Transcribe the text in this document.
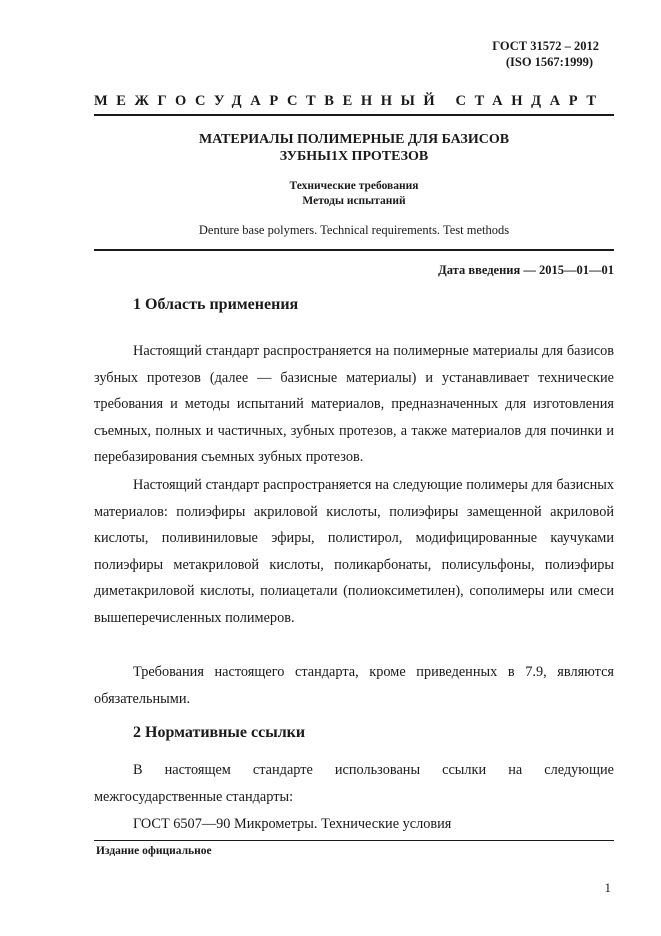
ГОСТ 31572 – 2012
(ISO 1567:1999)
МЕЖГОСУДАРСТВЕННЫЙ СТАНДАРТ
МАТЕРИАЛЫ ПОЛИМЕРНЫЕ ДЛЯ БАЗИСОВ
ЗУБНЫ1Х ПРОТЕЗОВ
Технические требования
Методы испытаний
Denture base polymers. Technical requirements. Test methods
Дата введения — 2015—01—01
1 Область применения

Настоящий стандарт распространяется на полимерные материалы для базисов зубных протезов (далее — базисные материалы) и устанавливает технические требования и методы испытаний материалов, предназначенных для изготовления съемных, полных и частичных, зубных протезов, а также материалов для починки и перебазирования съемных зубных протезов.

Настоящий стандарт распространяется на следующие полимеры для базисных материалов: полиэфиры акриловой кислоты, полиэфиры замещенной акриловой кислоты, поливиниловые эфиры, полистирол, модифицированные каучуками полиэфиры метакриловой кислоты, поликарбонаты, полисульфоны, полиэфиры диметакриловой кислоты, полиацетали (полиоксиметилен), сополимеры или смеси вышеперечисленных полимеров.

Требования настоящего стандарта, кроме приведенных в 7.9, являются обязательными.

2 Нормативные ссылки

В настоящем стандарте использованы ссылки на следующие межгосударственные стандарты:

ГОСТ 6507—90 Микрометры. Технические условия
Издание официальное
1
